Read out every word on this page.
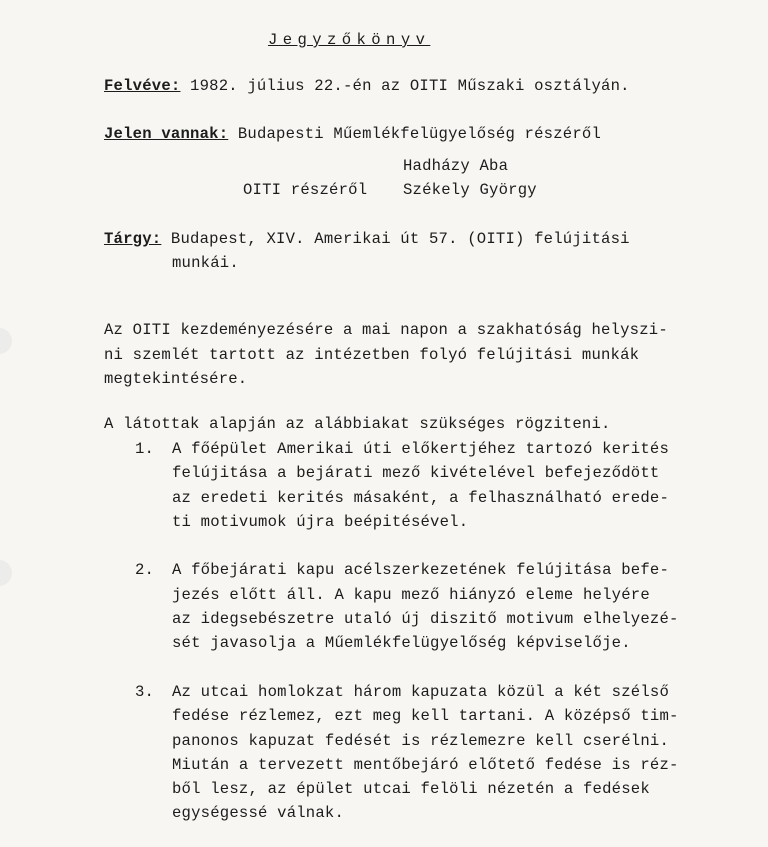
Jegyzőkönyv
Felvéve: 1982. július 22.-én az OITI Műszaki osztályán.
Jelen vannak: Budapesti Műemlékfelügyelőség részéről
Hadházy Aba
OITI részéről Székely György
Tárgy: Budapest, XIV. Amerikai út 57. (OITI) felújitási
munkái.
Az OITI kezdeményezésére a mai napon a szakhatóság helyszi-
ni szemlét tartott az intézetben folyó felújitási munkák
megtekintésére.
A látottak alapján az alábbiakat szükséges rögziteni.
1. A főépület Amerikai úti előkertjéhez tartozó kerités
felújitása a bejárati mező kivételével befejeződött
az eredeti kerités másaként, a felhasználható erede-
ti motivumok újra beépitésével.
2. A főbejárati kapu acélszerkezetének felújitása befe-
jezés előtt áll. A kapu mező hiányzó eleme helyére
az idegsebészetre utaló új diszitő motivum elhelyezé-
sét javasolja a Műemlékfelügyelőség képviselője.
3. Az utcai homlokzat három kapuzata közül a két szélső
fedése rézlemez, ezt meg kell tartani. A középső tim-
panonos kapuzat fedését is rézlemezre kell cserélni.
Miután a tervezett mentőbejáró előtető fedése is réz-
ből lesz, az épület utcai felöli nézetén a fedések
egységessé válnak.
